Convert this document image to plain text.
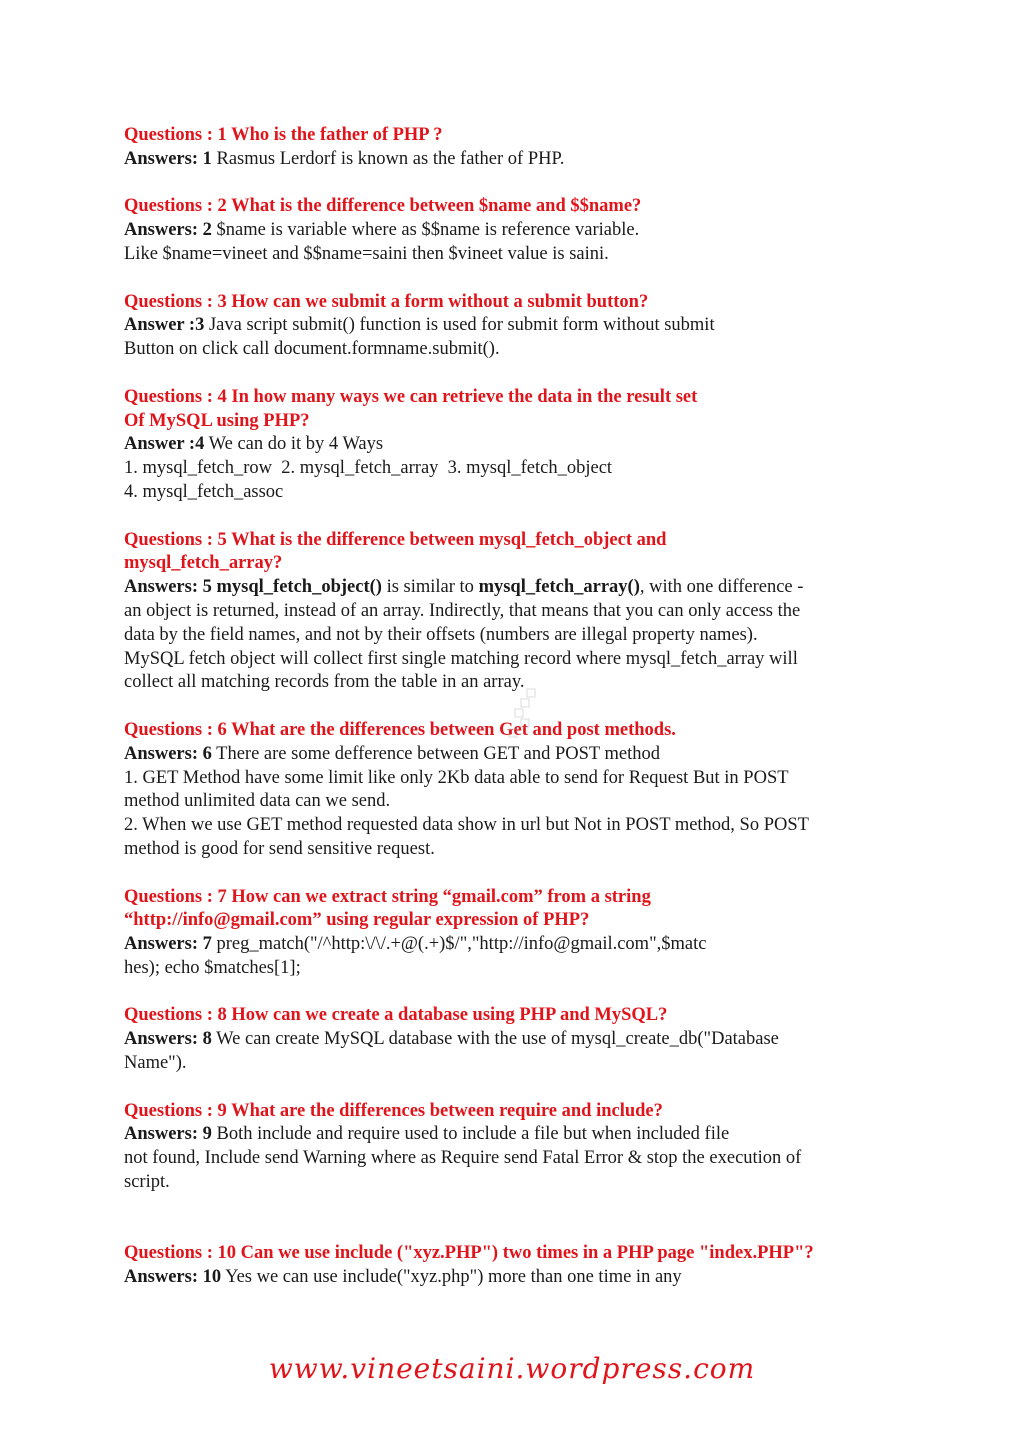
Questions : 1 Who is the father of PHP ?

Answers: 1 Rasmus Lerdorf is known as the father of PHP.

Questions : 2 What is the difference between $name and $$name?

Answers: 2 $name is variable where as $$name is reference variable.

Like $name=vineet and $$name=saini then $vineet value is saini.

Questions : 3 How can we submit a form without a submit button?

Answer :3 Java script submit() function is used for submit form without submit

Button on click call document.formname.submit().

Questions : 4 In how many ways we can retrieve the data in the result set

Of MySQL using PHP?

Answer :4 We can do it by 4 Ways

1. mysql_fetch_row  2. mysql_fetch_array  3. mysql_fetch_object

4. mysql_fetch_assoc

Questions : 5 What is the difference between mysql_fetch_object and

mysql_fetch_array?

Answers: 5 mysql_fetch_object() is similar to mysql_fetch_array(), with one difference -

an object is returned, instead of an array. Indirectly, that means that you can only access the

data by the field names, and not by their offsets (numbers are illegal property names).

MySQL fetch object will collect first single matching record where mysql_fetch_array will

collect all matching records from the table in an array.

Questions : 6 What are the differences between Get and post methods.

Answers: 6 There are some defference between GET and POST method

1. GET Method have some limit like only 2Kb data able to send for Request But in POST

method unlimited data can we send.

2. When we use GET method requested data show in url but Not in POST method, So POST

method is good for send sensitive request.

Questions : 7 How can we extract string “gmail.com” from a string

“http://info@gmail.com” using regular expression of PHP?

Answers: 7 preg_match("/^http:\/\/.+@(.+)$/","http://info@gmail.com",$matc

hes); echo $matches[1];

Questions : 8 How can we create a database using PHP and MySQL?

Answers: 8 We can create MySQL database with the use of mysql_create_db("Database

Name").

Questions : 9 What are the differences between require and include?

Answers: 9 Both include and require used to include a file but when included file

not found, Include send Warning where as Require send Fatal Error & stop the execution of

script.

Questions : 10 Can we use include ("xyz.PHP") two times in a PHP page "index.PHP"?

Answers: 10 Yes we can use include("xyz.php") more than one time in any

www.vineetsaini.wordpress.com
